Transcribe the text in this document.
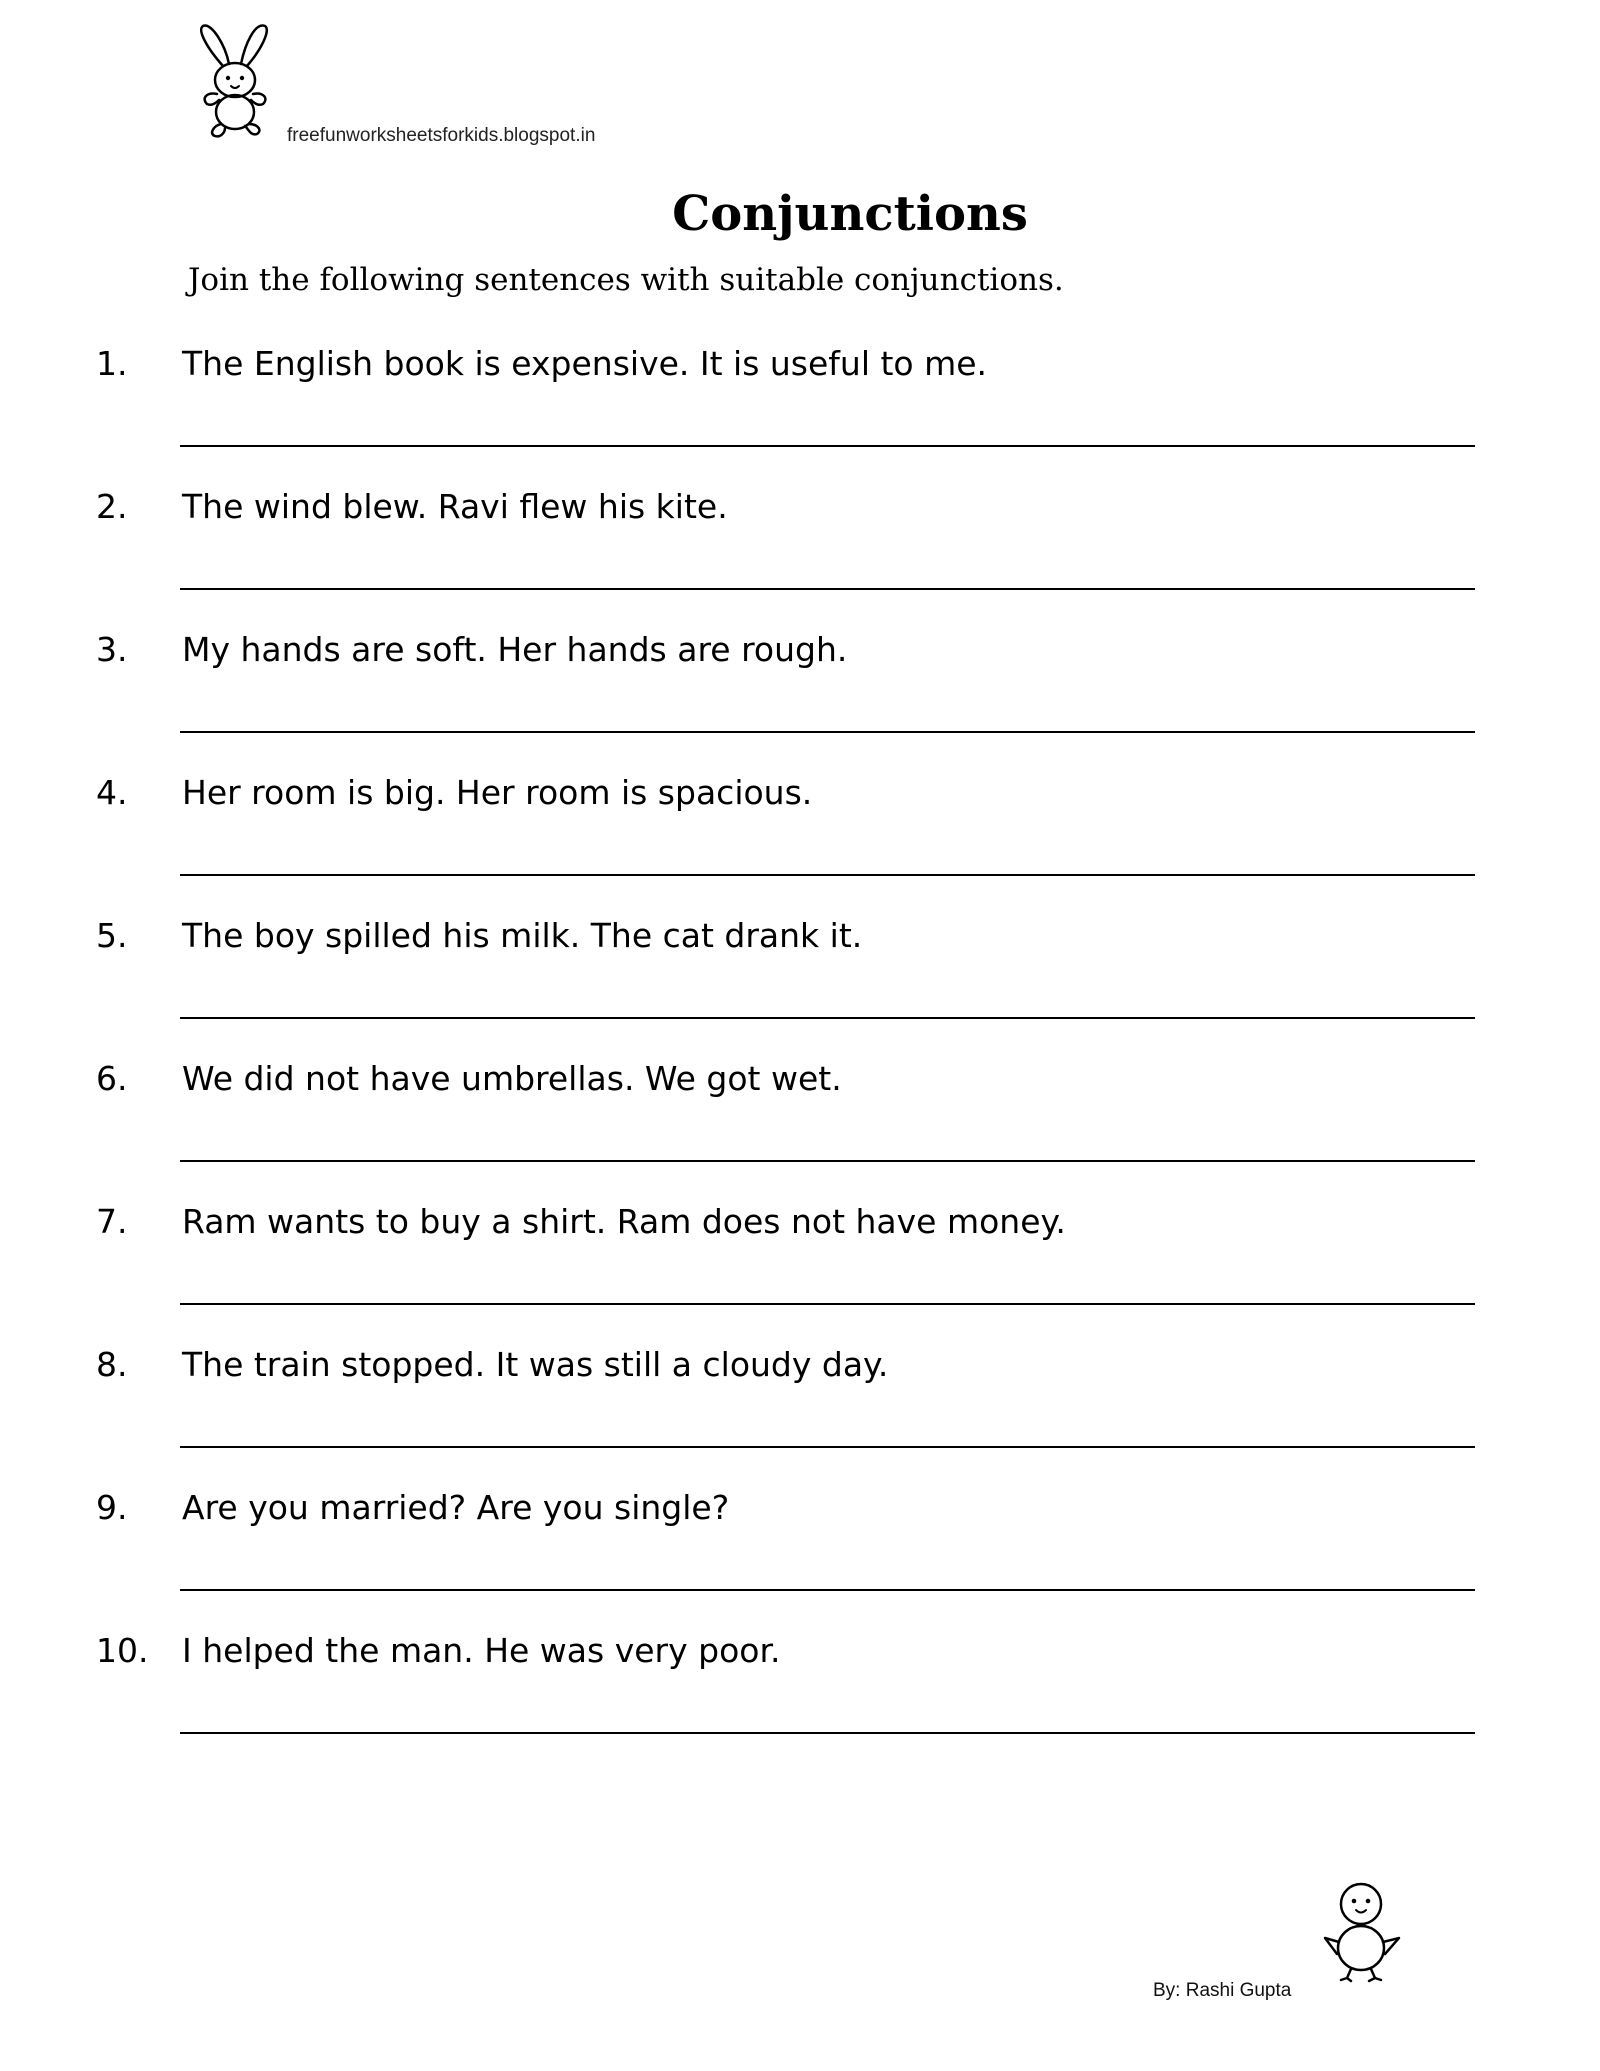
freefunworksheetsforkids.blogspot.in
Conjunctions

Join the following sentences with suitable conjunctions.

1. The English book is expensive. It is useful to me.
2. The wind blew. Ravi flew his kite.
3. My hands are soft. Her hands are rough.
4. Her room is big. Her room is spacious.
5. The boy spilled his milk. The cat drank it.
6. We did not have umbrellas. We got wet.
7. Ram wants to buy a shirt. Ram does not have money.
8. The train stopped. It was still a cloudy day.
9. Are you married? Are you single?
10. I helped the man. He was very poor.
By: Rashi Gupta
